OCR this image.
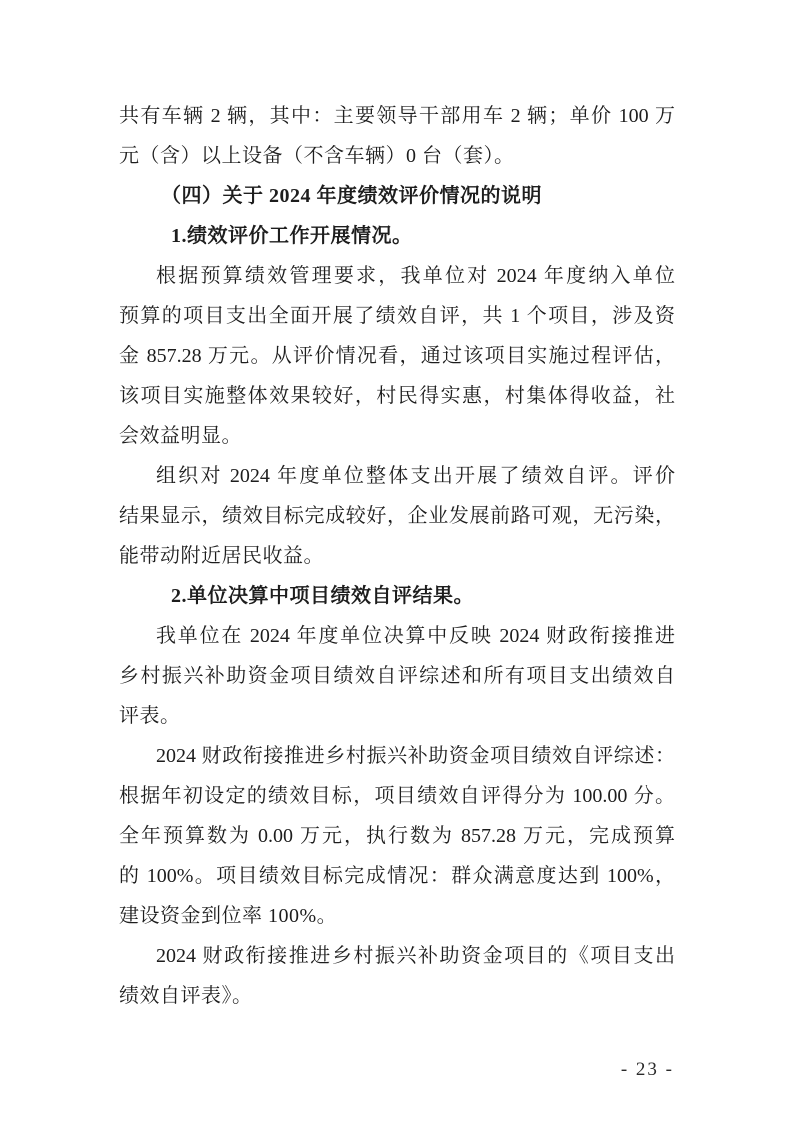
共有车辆 2 辆，其中：主要领导干部用车 2 辆；单价 100 万
元（含）以上设备（不含车辆）0 台（套）。
（四）关于 2024 年度绩效评价情况的说明
1.绩效评价工作开展情况。
根据预算绩效管理要求，我单位对 2024 年度纳入单位
预算的项目支出全面开展了绩效自评，共 1 个项目，涉及资
金 857.28 万元。从评价情况看，通过该项目实施过程评估，
该项目实施整体效果较好，村民得实惠，村集体得收益，社
会效益明显。
组织对 2024 年度单位整体支出开展了绩效自评。评价
结果显示，绩效目标完成较好，企业发展前路可观，无污染，
能带动附近居民收益。
2.单位决算中项目绩效自评结果。
我单位在 2024 年度单位决算中反映 2024 财政衔接推进
乡村振兴补助资金项目绩效自评综述和所有项目支出绩效自
评表。
2024 财政衔接推进乡村振兴补助资金项目绩效自评综述：
根据年初设定的绩效目标，项目绩效自评得分为 100.00 分。
全年预算数为 0.00 万元，执行数为 857.28 万元，完成预算
的 100%。项目绩效目标完成情况：群众满意度达到 100%，
建设资金到位率 100%。
2024 财政衔接推进乡村振兴补助资金项目的《项目支出
绩效自评表》。
- 23 -
